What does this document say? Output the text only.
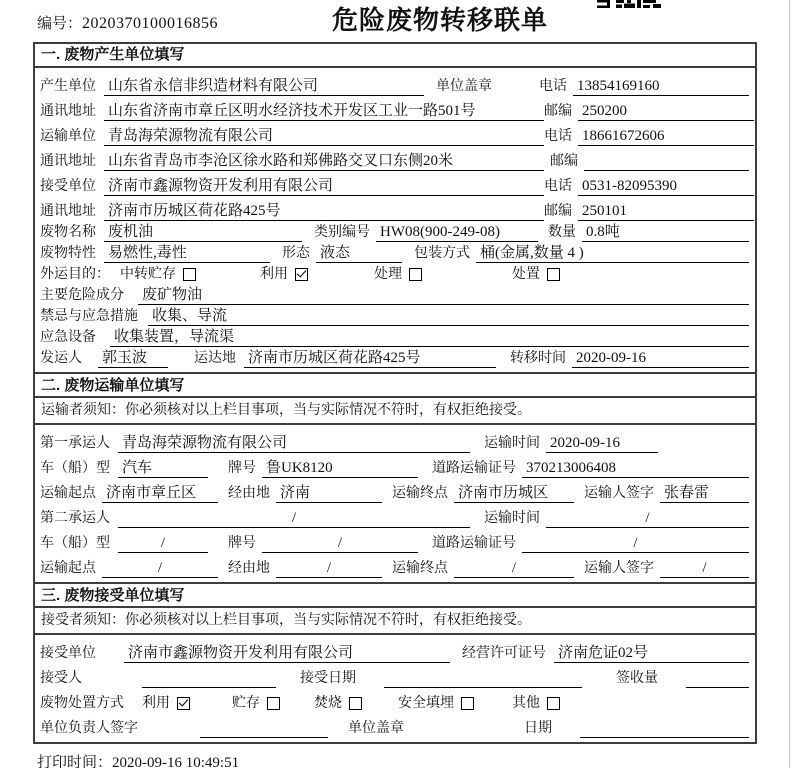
编号：2020370100016856	危险废物转移联单
一. 废物产生单位填写
产生单位 山东省永信非织造材料有限公司	单位盖章	电话 13854169160
通讯地址 山东省济南市章丘区明水经济技术开发区工业一路501号	邮编 250200
运输单位 青岛海荣源物流有限公司	电话 18661672606
通讯地址 山东省青岛市李沧区徐水路和郑佛路交叉口东侧20米	邮编
接受单位 济南市鑫源物资开发利用有限公司	电话 0531-82095390
通讯地址 济南市历城区荷花路425号	邮编 250101
废物名称 废机油	类别编号 HW08(900-249-08)	数量 0.8吨
废物特性 易燃性,毒性	形态 液态	包装方式 桶(金属,数量 4 )
外运目的： 中转贮存	利用	处理	处置
主要危险成分 废矿物油
禁忌与应急措施 收集、导流
应急设备 收集装置，导流渠
发运人 郭玉波	运达地 济南市历城区荷花路425号	转移时间 2020-09-16
二. 废物运输单位填写
运输者须知：你必须核对以上栏目事项，当与实际情况不符时，有权拒绝接受。
第一承运人 青岛海荣源物流有限公司	运输时间 2020-09-16
车（船）型 汽车	牌号 鲁UK8120	道路运输证号 370213006408
运输起点 济南市章丘区	经由地 济南	运输终点 济南市历城区	运输人签字 张春雷
第二承运人	/	运输时间	/
车（船）型	/	牌号	/	道路运输证号	/
运输起点	/	经由地	/	运输终点	/	运输人签字	/
三. 废物接受单位填写
接受者须知：你必须核对以上栏目事项，当与实际情况不符时，有权拒绝接受。
接受单位 济南市鑫源物资开发利用有限公司	经营许可证号 济南危证02号
接受人	接受日期	签收量
废物处置方式 利用	贮存	焚烧	安全填埋	其他
单位负责人签字	单位盖章	日期
打印时间：2020-09-16 10:49:51
